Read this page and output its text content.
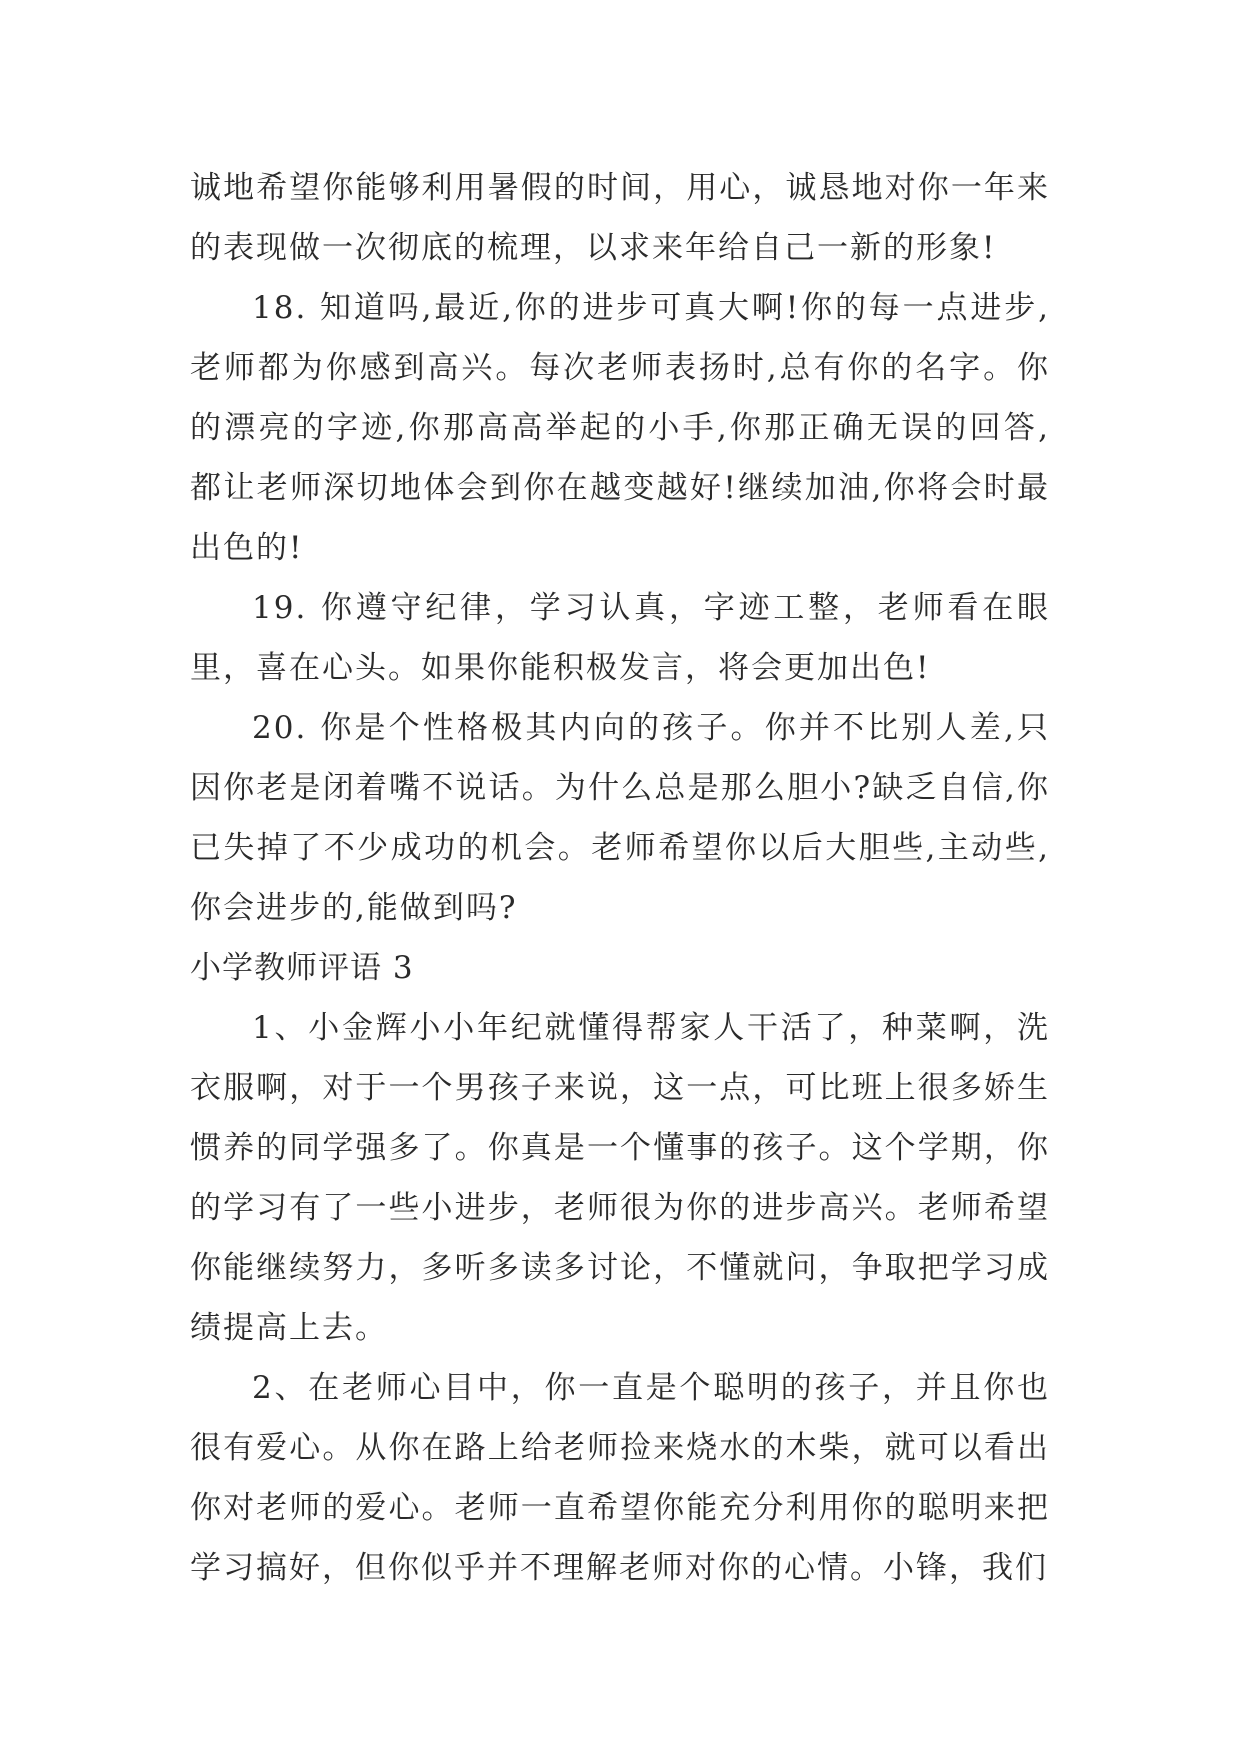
诚地希望你能够利用暑假的时间，用心，诚恳地对你一年来的表现做一次彻底的梳理，以求来年给自己一新的形象!

18. 知道吗,最近,你的进步可真大啊!你的每一点进步,老师都为你感到高兴。每次老师表扬时,总有你的名字。你的漂亮的字迹,你那高高举起的小手,你那正确无误的回答,都让老师深切地体会到你在越变越好!继续加油,你将会时最出色的!

19. 你遵守纪律，学习认真，字迹工整，老师看在眼里，喜在心头。如果你能积极发言，将会更加出色!

20. 你是个性格极其内向的孩子。你并不比别人差,只因你老是闭着嘴不说话。为什么总是那么胆小?缺乏自信,你已失掉了不少成功的机会。老师希望你以后大胆些,主动些,你会进步的,能做到吗?

小学教师评语 3

1、小金辉小小年纪就懂得帮家人干活了，种菜啊，洗衣服啊，对于一个男孩子来说，这一点，可比班上很多娇生惯养的同学强多了。你真是一个懂事的孩子。这个学期，你的学习有了一些小进步，老师很为你的进步高兴。老师希望你能继续努力，多听多读多讨论，不懂就问，争取把学习成绩提高上去。

2、在老师心目中，你一直是个聪明的孩子，并且你也很有爱心。从你在路上给老师捡来烧水的木柴，就可以看出你对老师的爱心。老师一直希望你能充分利用你的聪明来把学习搞好，但你似乎并不理解老师对你的心情。小锋，我们
